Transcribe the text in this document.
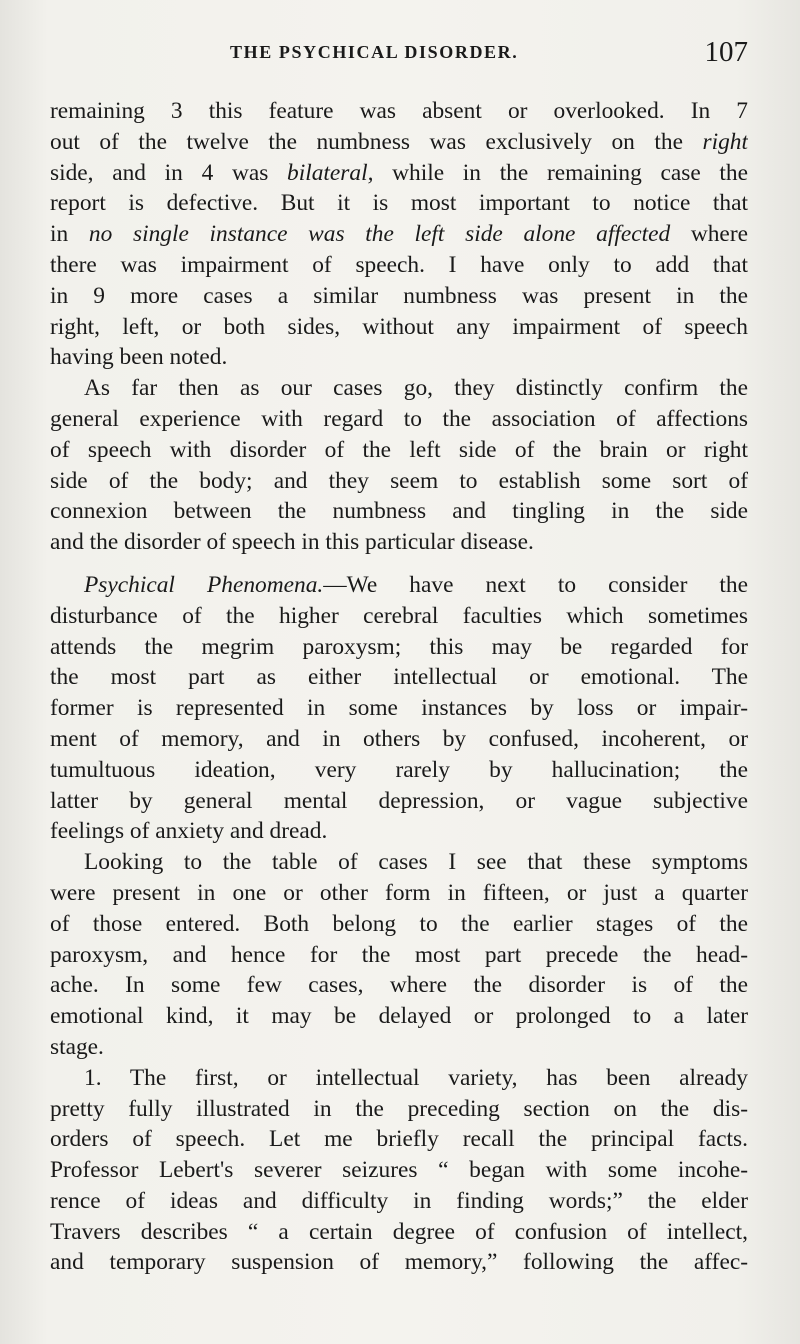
THE PSYCHICAL DISORDER.	107
remaining 3 this feature was absent or overlooked. In 7
out of the twelve the numbness was exclusively on the right
side, and in 4 was bilateral, while in the remaining case the
report is defective. But it is most important to notice that
in no single instance was the left side alone affected where
there was impairment of speech. I have only to add that
in 9 more cases a similar numbness was present in the
right, left, or both sides, without any impairment of speech
having been noted.
As far then as our cases go, they distinctly confirm the
general experience with regard to the association of affections
of speech with disorder of the left side of the brain or right
side of the body; and they seem to establish some sort of
connexion between the numbness and tingling in the side
and the disorder of speech in this particular disease.
Psychical Phenomena.—We have next to consider the
disturbance of the higher cerebral faculties which sometimes
attends the megrim paroxysm; this may be regarded for
the most part as either intellectual or emotional. The
former is represented in some instances by loss or impair-
ment of memory, and in others by confused, incoherent, or
tumultuous ideation, very rarely by hallucination; the
latter by general mental depression, or vague subjective
feelings of anxiety and dread.
Looking to the table of cases I see that these symptoms
were present in one or other form in fifteen, or just a quarter
of those entered. Both belong to the earlier stages of the
paroxysm, and hence for the most part precede the head-
ache. In some few cases, where the disorder is of the
emotional kind, it may be delayed or prolonged to a later
stage.
1. The first, or intellectual variety, has been already
pretty fully illustrated in the preceding section on the dis-
orders of speech. Let me briefly recall the principal facts.
Professor Lebert's severer seizures “ began with some incohe-
rence of ideas and difficulty in finding words;” the elder
Travers describes “ a certain degree of confusion of intellect,
and temporary suspension of memory,” following the affec-
